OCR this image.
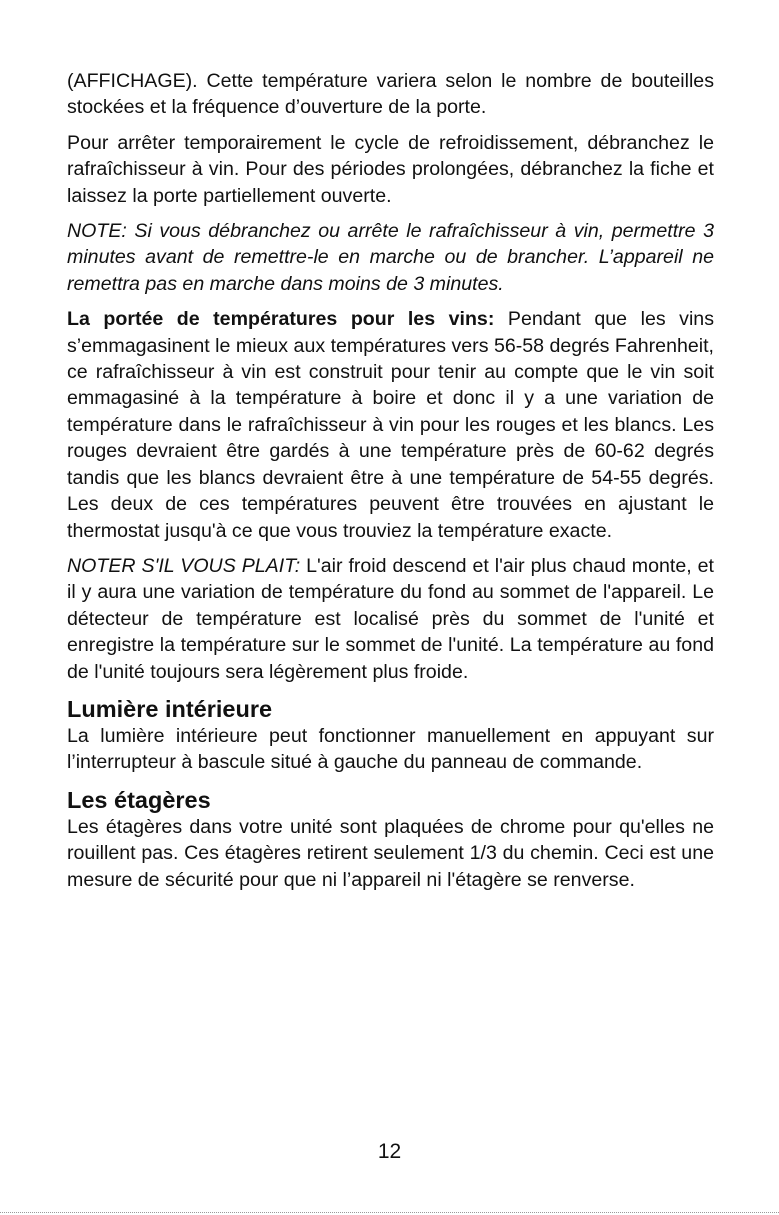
(AFFICHAGE). Cette température variera selon le nombre de bouteilles stockées et la fréquence d’ouverture de la porte.

Pour arrêter temporairement le cycle de refroidissement, débranchez le rafraîchisseur à vin. Pour des périodes prolongées, débranchez la fiche et laissez la porte partiellement ouverte.

NOTE: Si vous débranchez ou arrête le rafraîchisseur à vin, permettre 3 minutes avant de remettre-le en marche ou de brancher. L’appareil ne remettra pas en marche dans moins de 3 minutes.

La portée de températures pour les vins: Pendant que les vins s’emmagasinent le mieux aux températures vers 56-58 degrés Fahrenheit, ce rafraîchisseur à vin est construit pour tenir au compte que le vin soit emmagasiné à la température à boire et donc il y a une variation de température dans le rafraîchisseur à vin pour les rouges et les blancs. Les rouges devraient être gardés à une température près de 60-62 degrés tandis que les blancs devraient être à une température de 54-55 degrés. Les deux de ces températures peuvent être trouvées en ajustant le thermostat jusqu'à ce que vous trouviez la température exacte.

NOTER S'IL VOUS PLAIT: L'air froid descend et l'air plus chaud monte, et il y aura une variation de température du fond au sommet de l'appareil. Le détecteur de température est localisé près du sommet de l'unité et enregistre la température sur le sommet de l'unité. La température au fond de l'unité toujours sera légèrement plus froide.

Lumière intérieure

La lumière intérieure peut fonctionner manuellement en appuyant sur l’interrupteur à bascule situé à gauche du panneau de commande.

Les étagères

Les étagères dans votre unité sont plaquées de chrome pour qu'elles ne rouillent pas. Ces étagères retirent seulement 1/3 du chemin. Ceci est une mesure de sécurité pour que ni l’appareil ni l'étagère se renverse.

12
